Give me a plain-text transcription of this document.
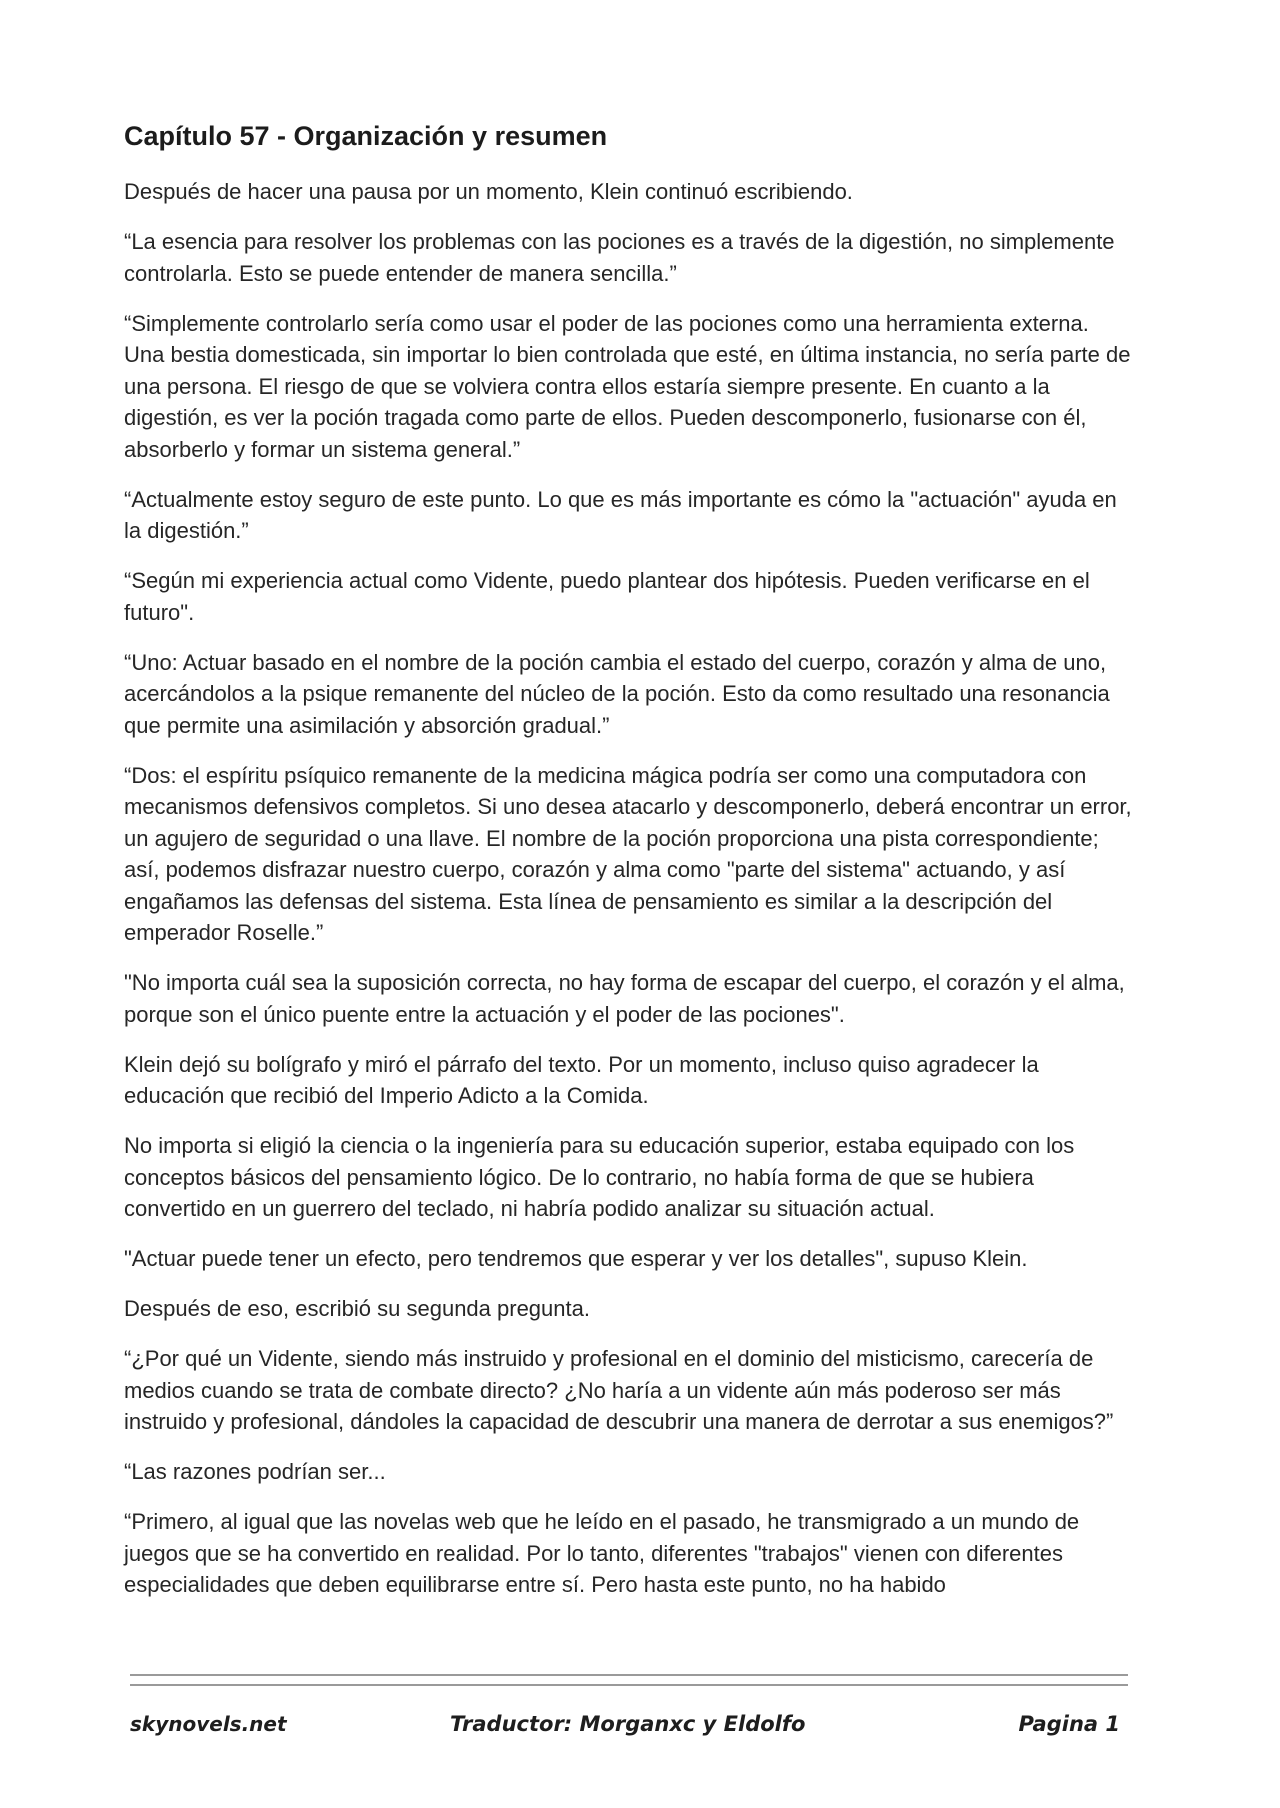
Capítulo 57 - Organización y resumen

Después de hacer una pausa por un momento, Klein continuó escribiendo.

“La esencia para resolver los problemas con las pociones es a través de la digestión, no simplemente controlarla. Esto se puede entender de manera sencilla.”

“Simplemente controlarlo sería como usar el poder de las pociones como una herramienta externa. Una bestia domesticada, sin importar lo bien controlada que esté, en última instancia, no sería parte de una persona. El riesgo de que se volviera contra ellos estaría siempre presente. En cuanto a la digestión, es ver la poción tragada como parte de ellos. Pueden descomponerlo, fusionarse con él, absorberlo y formar un sistema general.”

“Actualmente estoy seguro de este punto. Lo que es más importante es cómo la "actuación" ayuda en la digestión.”

“Según mi experiencia actual como Vidente, puedo plantear dos hipótesis. Pueden verificarse en el futuro".

“Uno: Actuar basado en el nombre de la poción cambia el estado del cuerpo, corazón y alma de uno, acercándolos a la psique remanente del núcleo de la poción. Esto da como resultado una resonancia que permite una asimilación y absorción gradual.”

“Dos: el espíritu psíquico remanente de la medicina mágica podría ser como una computadora con mecanismos defensivos completos. Si uno desea atacarlo y descomponerlo, deberá encontrar un error, un agujero de seguridad o una llave. El nombre de la poción proporciona una pista correspondiente; así, podemos disfrazar nuestro cuerpo, corazón y alma como "parte del sistema" actuando, y así engañamos las defensas del sistema. Esta línea de pensamiento es similar a la descripción del emperador Roselle.”

"No importa cuál sea la suposición correcta, no hay forma de escapar del cuerpo, el corazón y el alma, porque son el único puente entre la actuación y el poder de las pociones".

Klein dejó su bolígrafo y miró el párrafo del texto. Por un momento, incluso quiso agradecer la educación que recibió del Imperio Adicto a la Comida.

No importa si eligió la ciencia o la ingeniería para su educación superior, estaba equipado con los conceptos básicos del pensamiento lógico. De lo contrario, no había forma de que se hubiera convertido en un guerrero del teclado, ni habría podido analizar su situación actual.

"Actuar puede tener un efecto, pero tendremos que esperar y ver los detalles", supuso Klein.

Después de eso, escribió su segunda pregunta.

“¿Por qué un Vidente, siendo más instruido y profesional en el dominio del misticismo, carecería de medios cuando se trata de combate directo? ¿No haría a un vidente aún más poderoso ser más instruido y profesional, dándoles la capacidad de descubrir una manera de derrotar a sus enemigos?”

“Las razones podrían ser...

“Primero, al igual que las novelas web que he leído en el pasado, he transmigrado a un mundo de juegos que se ha convertido en realidad. Por lo tanto, diferentes "trabajos" vienen con diferentes especialidades que deben equilibrarse entre sí. Pero hasta este punto, no ha habido

skynovels.net	Traductor: Morganxc y Eldolfo	Pagina 1
